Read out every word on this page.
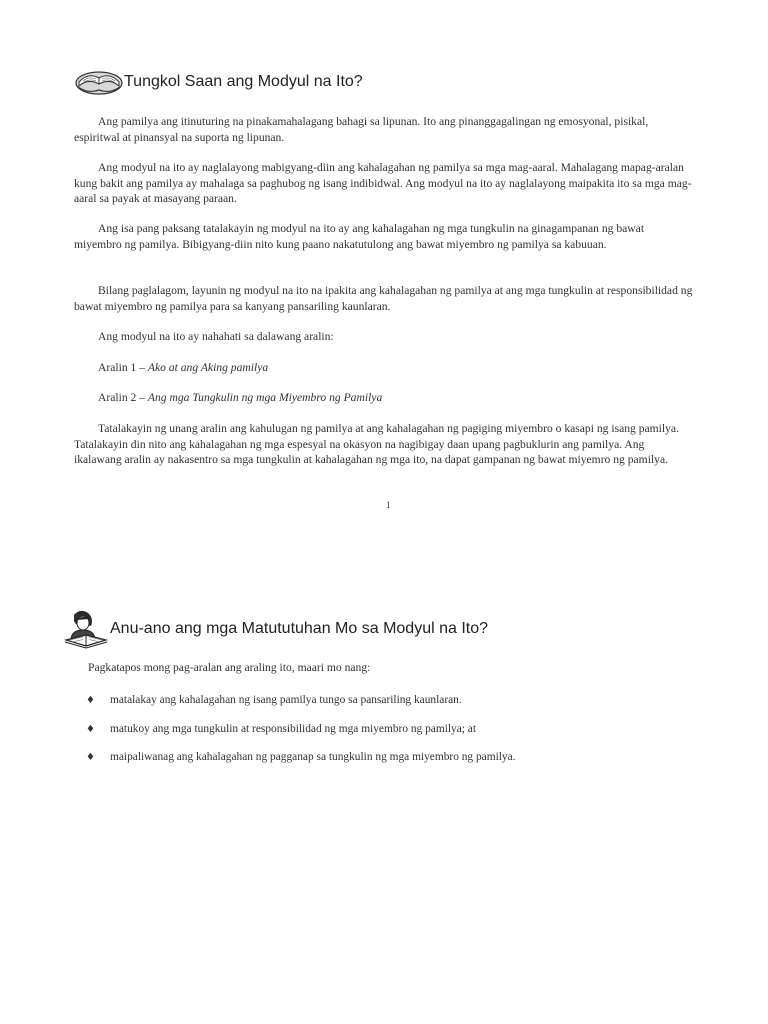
Tungkol Saan ang Modyul na Ito?

Ang pamilya ang itinuturing na pinakamahalagang bahagi sa lipunan. Ito ang pinanggagalingan ng emosyonal, pisikal, espiritwal at pinansyal na suporta ng lipunan.

Ang modyul na ito ay naglalayong mabigyang-diin ang kahalagahan ng pamilya sa mga mag-aaral. Mahalagang mapag-aralan kung bakit ang pamilya ay mahalaga sa paghubog ng isang indibidwal. Ang modyul na ito ay naglalayong maipakita ito sa mga mag-aaral sa payak at masayang paraan.

Ang isa pang paksang tatalakayin ng modyul na ito ay ang kahalagahan ng mga tungkulin na ginagampanan ng bawat miyembro ng pamilya. Bibigyang-diin nito kung paano nakatutulong ang bawat miyembro ng pamilya sa kabuuan.

Bilang paglalagom, layunin ng modyul na ito na ipakita ang kahalagahan ng pamilya at ang mga tungkulin at responsibilidad ng bawat miyembro ng pamilya para sa kanyang pansariling kaunlaran.

Ang modyul na ito ay nahahati sa dalawang aralin:

Aralin 1 – Ako at ang Aking pamilya

Aralin 2 – Ang mga Tungkulin ng mga Miyembro ng Pamilya

Tatalakayin ng unang aralin ang kahulugan ng pamilya at ang kahalagahan ng pagiging miyembro o kasapi ng isang pamilya. Tatalakayin din nito ang kahalagahan ng mga espesyal na okasyon na nagibigay daan upang pagbuklurin ang pamilya. Ang ikalawang aralin ay nakasentro sa mga tungkulin at kahalagahan ng mga ito, na dapat gampanan ng bawat miyemro ng pamilya.

1
Anu-ano ang mga Matututuhan Mo sa Modyul na Ito?
Pagkatapos mong pag-aralan ang araling ito, maari mo nang:
♦	matalakay ang kahalagahan ng isang pamilya tungo sa pansariling kaunlaran.
♦	matukoy ang mga tungkulin at responsibilidad ng mga miyembro ng pamilya; at
♦	maipaliwanag ang kahalagahan ng pagganap sa tungkulin ng mga miyembro ng pamilya.
